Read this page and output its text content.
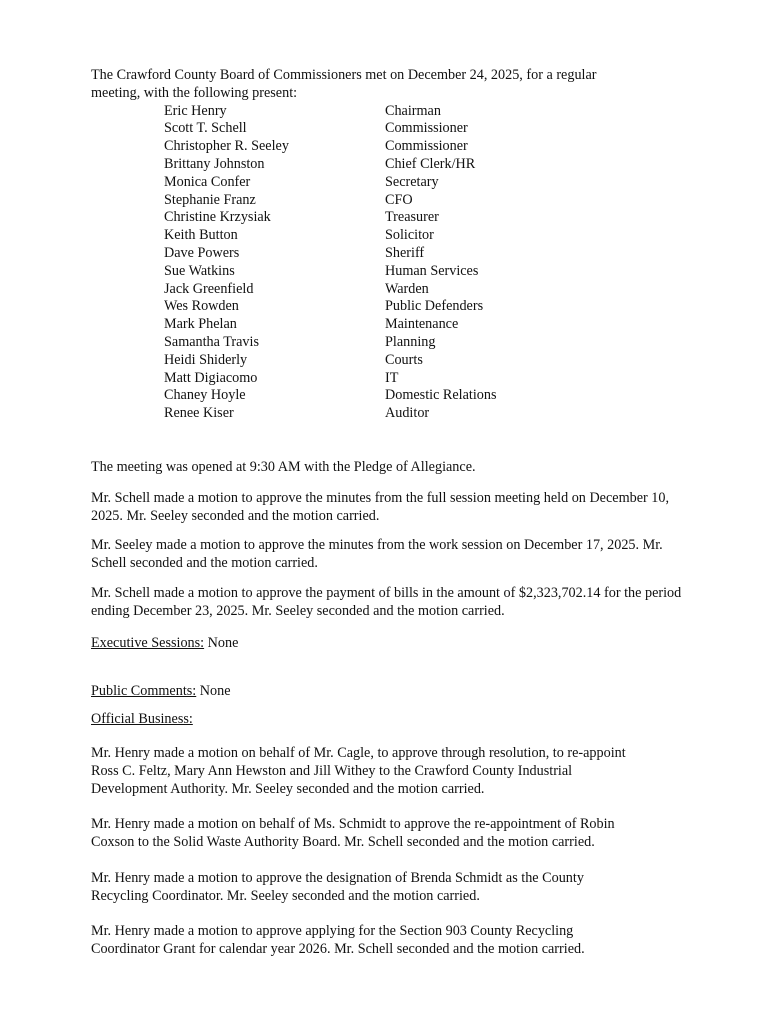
The Crawford County Board of Commissioners met on December 24, 2025, for a regular
meeting, with the following present:
Eric Henry	Chairman
Scott T. Schell	Commissioner
Christopher R. Seeley	Commissioner
Brittany Johnston	Chief Clerk/HR
Monica Confer	Secretary
Stephanie Franz	CFO
Christine Krzysiak	Treasurer
Keith Button	Solicitor
Dave Powers	Sheriff
Sue Watkins	Human Services
Jack Greenfield	Warden
Wes Rowden	Public Defenders
Mark Phelan	Maintenance
Samantha Travis	Planning
Heidi Shiderly	Courts
Matt Digiacomo	IT
Chaney Hoyle	Domestic Relations
Renee Kiser	Auditor
The meeting was opened at 9:30 AM with the Pledge of Allegiance.
Mr. Schell made a motion to approve the minutes from the full session meeting held on December 10,
2025. Mr. Seeley seconded and the motion carried.
Mr. Seeley made a motion to approve the minutes from the work session on December 17, 2025. Mr.
Schell seconded and the motion carried.
Mr. Schell made a motion to approve the payment of bills in the amount of $2,323,702.14 for the period
ending December 23, 2025. Mr. Seeley seconded and the motion carried.
Executive Sessions: None
Public Comments: None
Official Business:
Mr. Henry made a motion on behalf of Mr. Cagle, to approve through resolution, to re-appoint
Ross C. Feltz, Mary Ann Hewston and Jill Withey to the Crawford County Industrial
Development Authority. Mr. Seeley seconded and the motion carried.
Mr. Henry made a motion on behalf of Ms. Schmidt to approve the re-appointment of Robin
Coxson to the Solid Waste Authority Board. Mr. Schell seconded and the motion carried.
Mr. Henry made a motion to approve the designation of Brenda Schmidt as the County
Recycling Coordinator. Mr. Seeley seconded and the motion carried.
Mr. Henry made a motion to approve applying for the Section 903 County Recycling
Coordinator Grant for calendar year 2026. Mr. Schell seconded and the motion carried.
